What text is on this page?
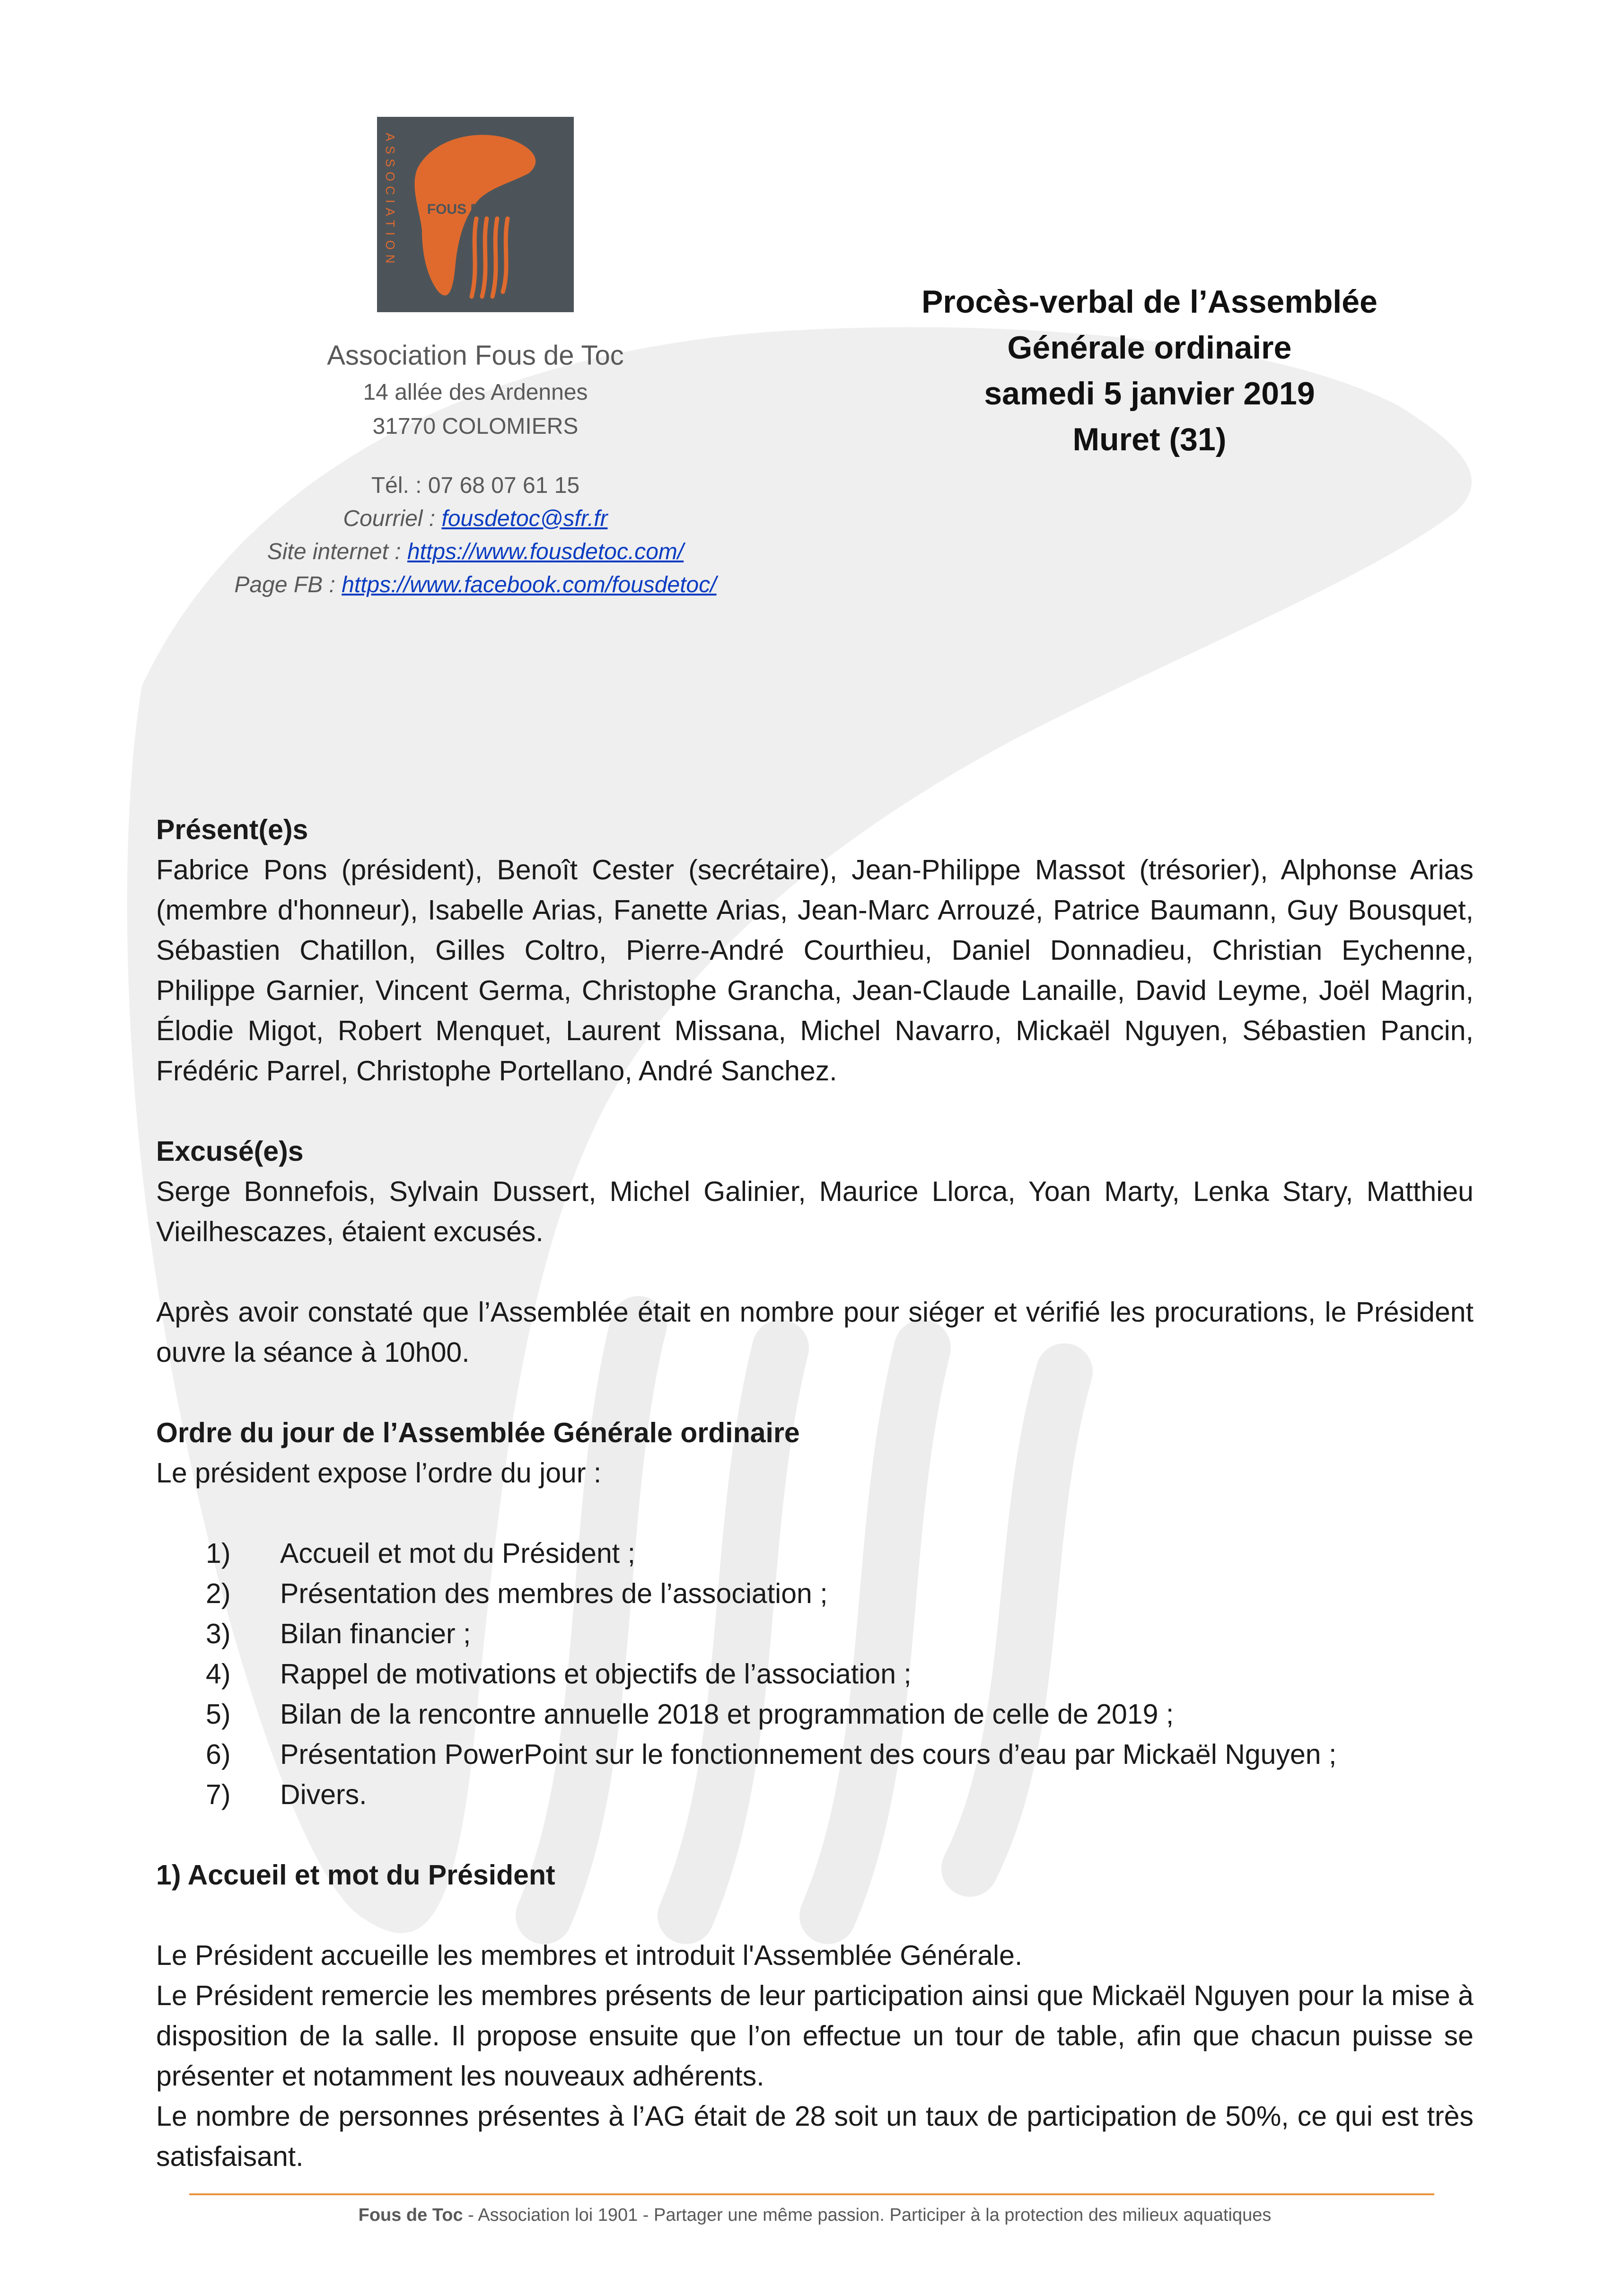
ASSOCIATION FOUS DE TOC
Association Fous de Toc
14 allée des Ardennes
31770 COLOMIERS
Tél. : 07 68 07 61 15
Courriel : fousdetoc@sfr.fr
Site internet : https://www.fousdetoc.com/
Page FB : https://www.facebook.com/fousdetoc/
Procès-verbal de l’Assemblée
Générale ordinaire
samedi 5 janvier 2019
Muret (31)

Présent(e)s

Fabrice Pons (président), Benoît Cester (secrétaire), Jean-Philippe Massot (trésorier), Alphonse Arias (membre d'honneur), Isabelle Arias, Fanette Arias, Jean-Marc Arrouzé, Patrice Baumann, Guy Bousquet, Sébastien Chatillon, Gilles Coltro, Pierre-André Courthieu, Daniel Donnadieu, Christian Eychenne, Philippe Garnier, Vincent Germa, Christophe Grancha, Jean-Claude Lanaille, David Leyme, Joël Magrin, Élodie Migot, Robert Menquet, Laurent Missana, Michel Navarro, Mickaël Nguyen, Sébastien Pancin, Frédéric Parrel, Christophe Portellano, André Sanchez.

Excusé(e)s

Serge Bonnefois, Sylvain Dussert, Michel Galinier, Maurice Llorca, Yoan Marty, Lenka Stary, Matthieu Vieilhescazes, étaient excusés.

Après avoir constaté que l’Assemblée était en nombre pour siéger et vérifié les procurations, le Président ouvre la séance à 10h00.

Ordre du jour de l’Assemblée Générale ordinaire

Le président expose l’ordre du jour :

1) Accueil et mot du Président ;
2) Présentation des membres de l’association ;
3) Bilan financier ;
4) Rappel de motivations et objectifs de l’association ;
5) Bilan de la rencontre annuelle 2018 et programmation de celle de 2019 ;
6) Présentation PowerPoint sur le fonctionnement des cours d’eau par Mickaël Nguyen ;
7) Divers.

1) Accueil et mot du Président

Le Président accueille les membres et introduit l'Assemblée Générale.

Le Président remercie les membres présents de leur participation ainsi que Mickaël Nguyen pour la mise à disposition de la salle. Il propose ensuite que l’on effectue un tour de table, afin que chacun puisse se présenter et notamment les nouveaux adhérents.

Le nombre de personnes présentes à l’AG était de 28 soit un taux de participation de 50%, ce qui est très satisfaisant.

Fous de Toc - Association loi 1901 - Partager une même passion. Participer à la protection des milieux aquatiques
